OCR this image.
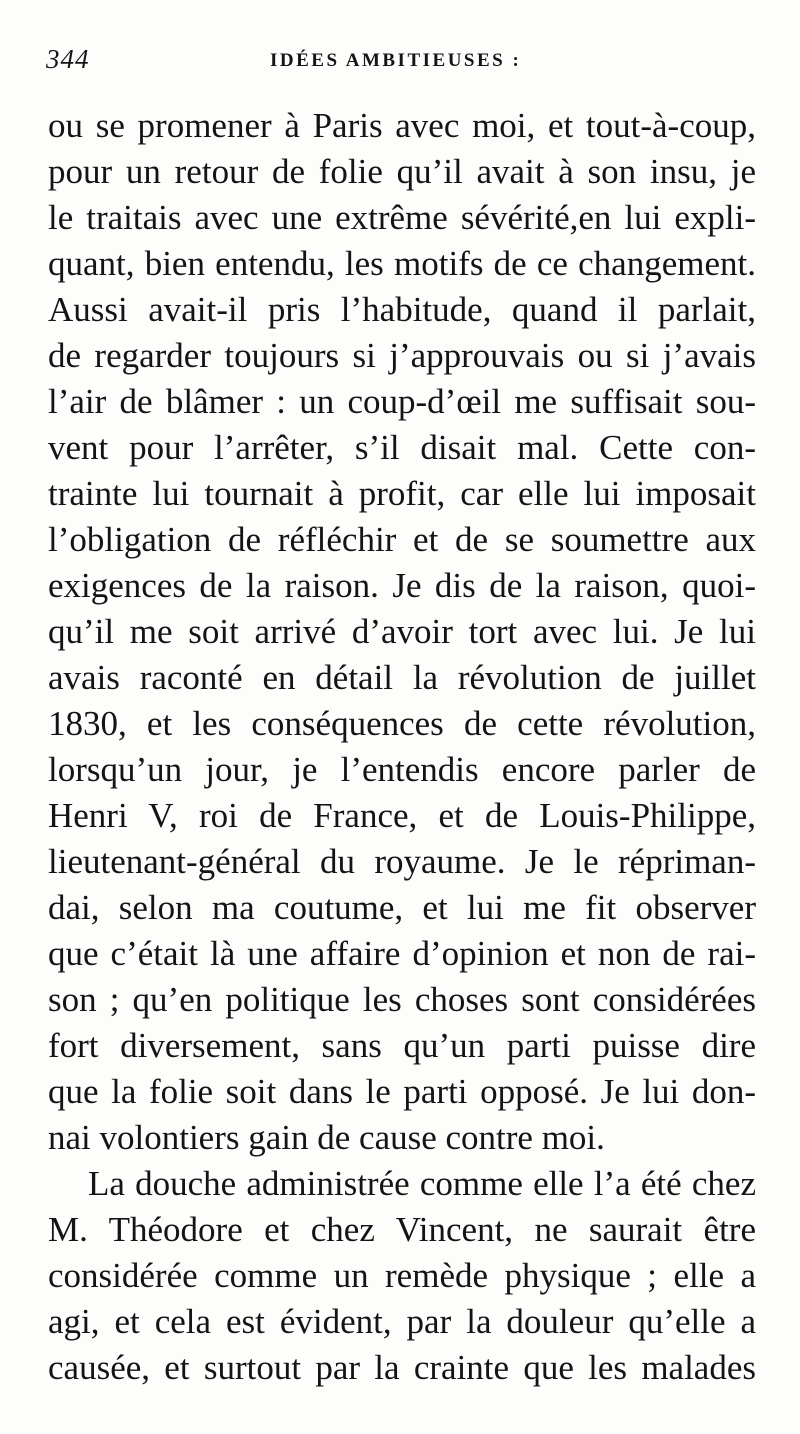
344	IDÉES AMBITIEUSES :
ou se promener à Paris avec moi, et tout-à-coup,
pour un retour de folie qu’il avait à son insu, je
le traitais avec une extrême sévérité,en lui expli-
quant, bien entendu, les motifs de ce changement.
Aussi avait-il pris l’habitude, quand il parlait,
de regarder toujours si j’approuvais ou si j’avais
l’air de blâmer : un coup-d’œil me suffisait sou-
vent pour l’arrêter, s’il disait mal. Cette con-
trainte lui tournait à profit, car elle lui imposait
l’obligation de réfléchir et de se soumettre aux
exigences de la raison. Je dis de la raison, quoi-
qu’il me soit arrivé d’avoir tort avec lui. Je lui
avais raconté en détail la révolution de juillet
1830, et les conséquences de cette révolution,
lorsqu’un jour, je l’entendis encore parler de
Henri V, roi de France, et de Louis-Philippe,
lieutenant-général du royaume. Je le répriman-
dai, selon ma coutume, et lui me fit observer
que c’était là une affaire d’opinion et non de rai-
son ; qu’en politique les choses sont considérées
fort diversement, sans qu’un parti puisse dire
que la folie soit dans le parti opposé. Je lui don-
nai volontiers gain de cause contre moi.
La douche administrée comme elle l’a été chez
M. Théodore et chez Vincent, ne saurait être
considérée comme un remède physique ; elle a
agi, et cela est évident, par la douleur qu’elle a
causée, et surtout par la crainte que les malades
